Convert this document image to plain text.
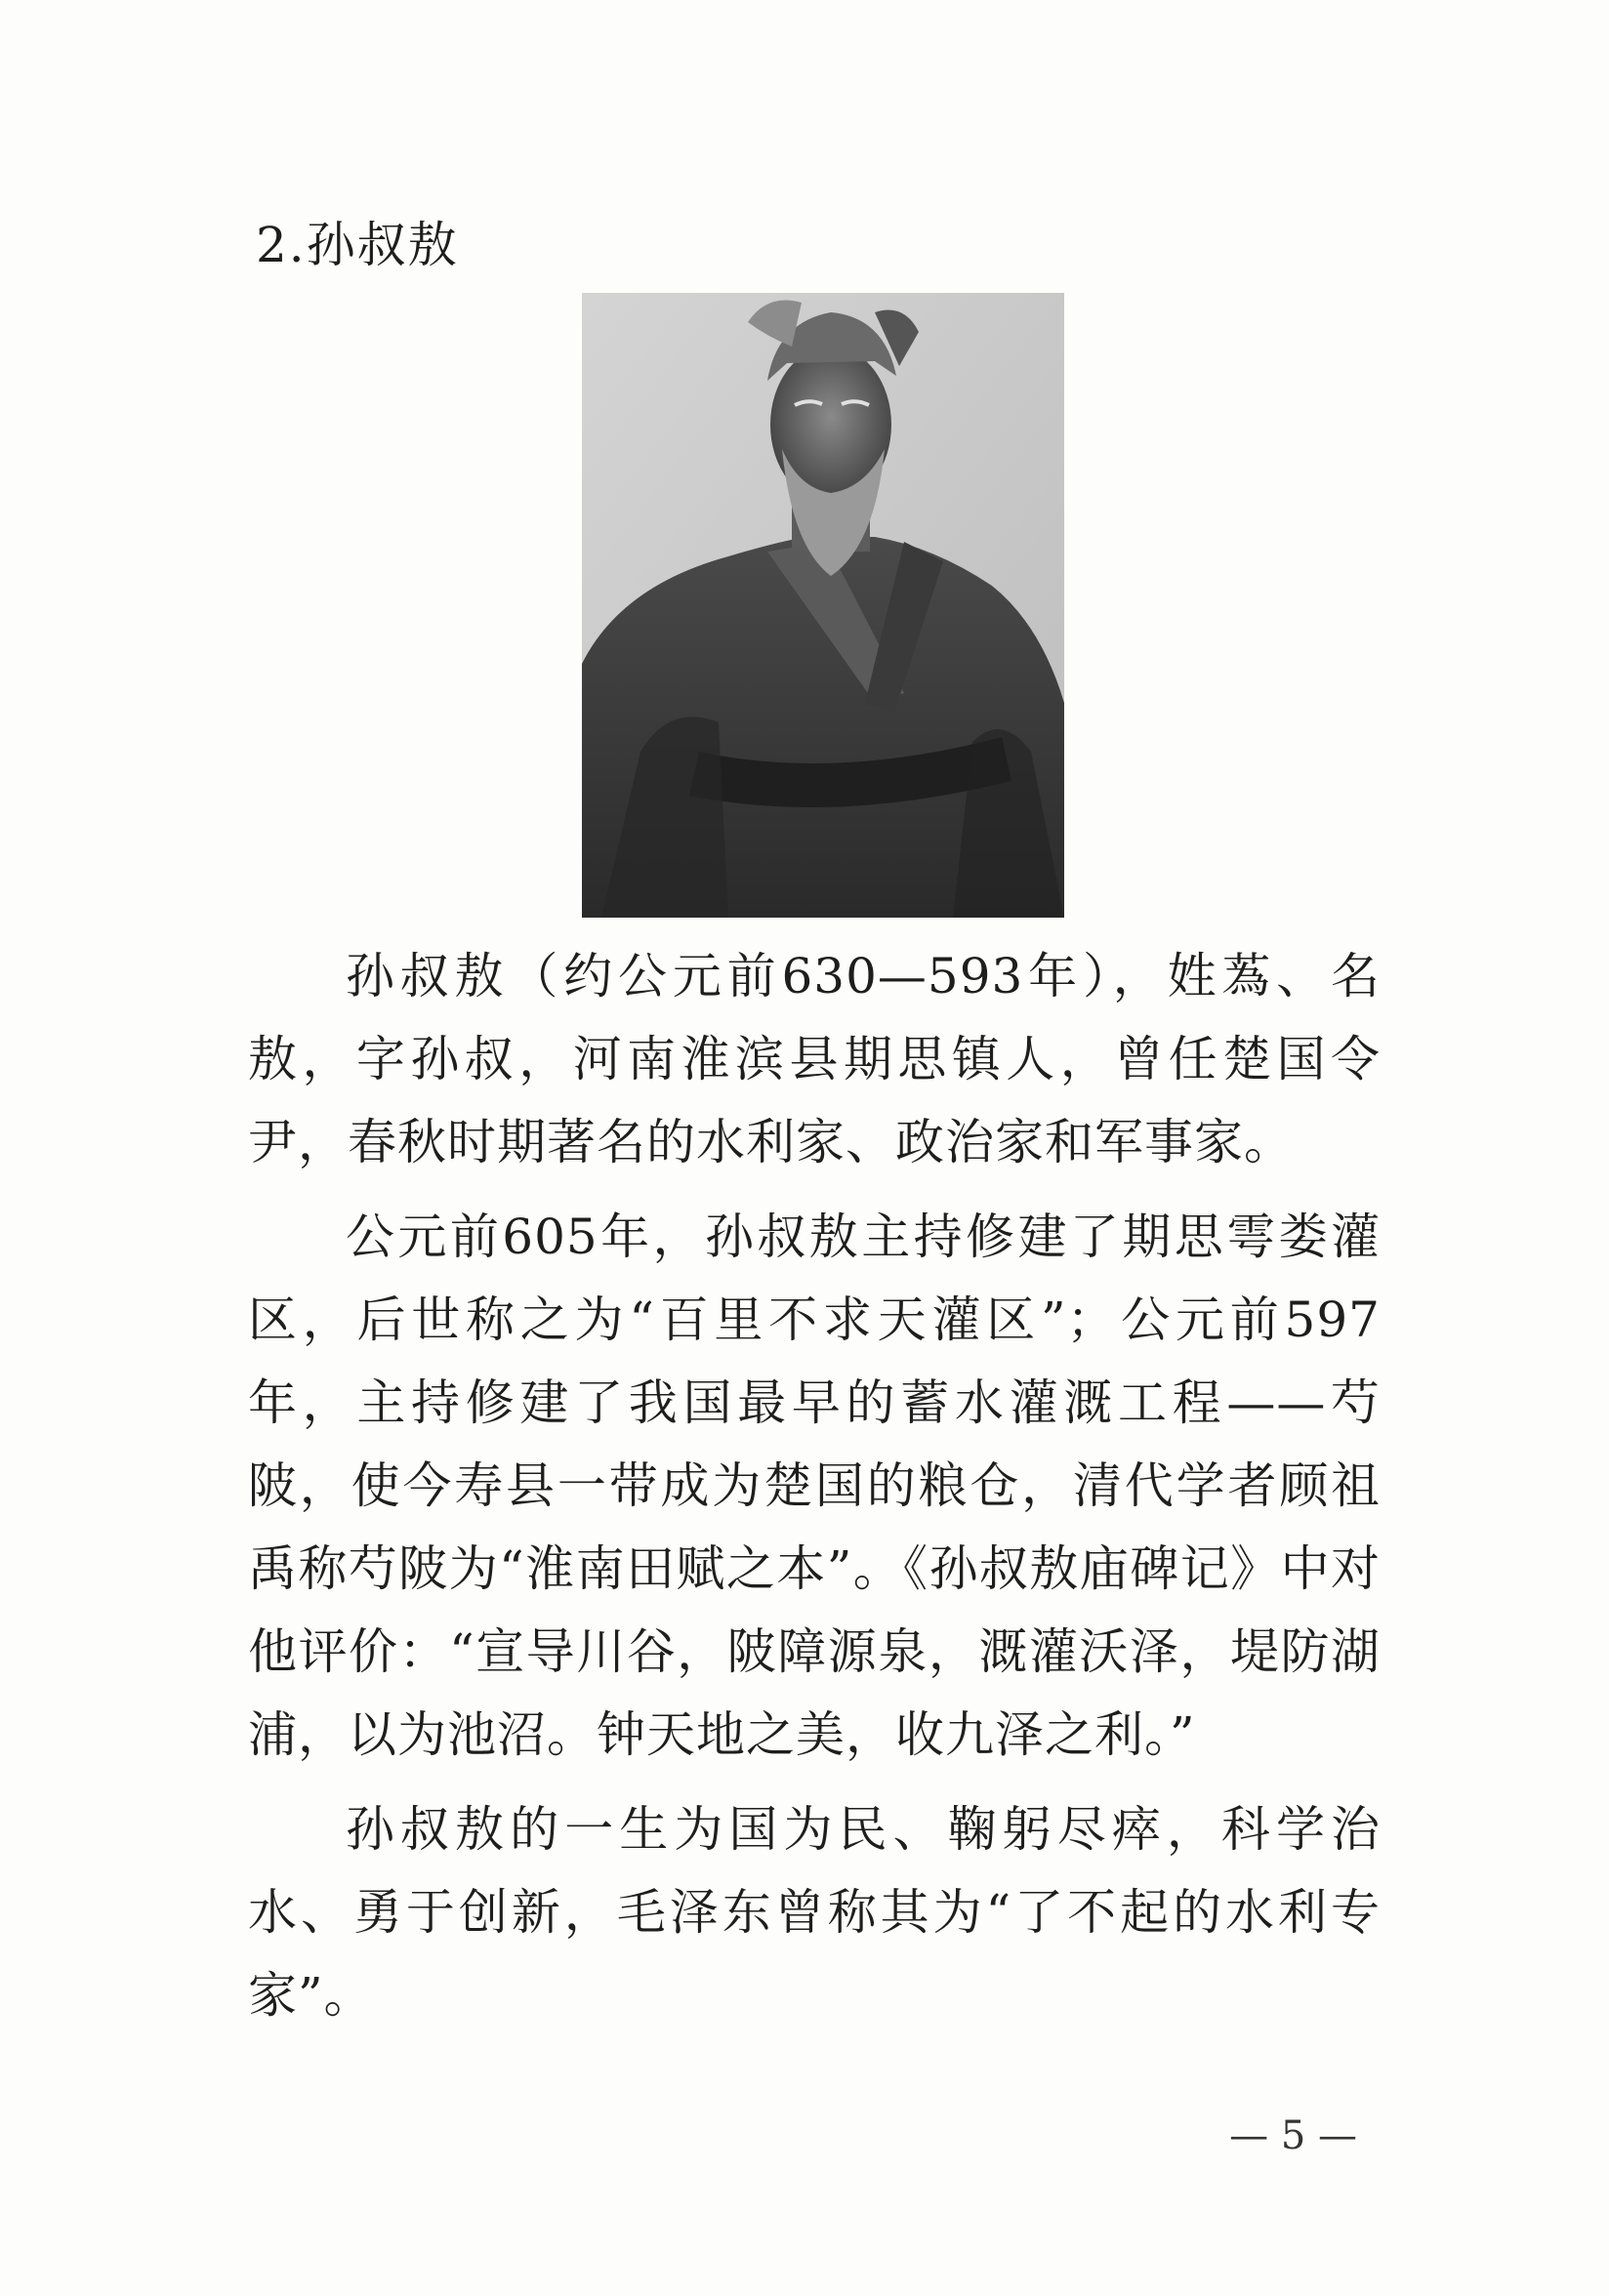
2.孙叔敖

孙叔敖（约公元前630—593年），姓蒍、名敖，字孙叔，河南淮滨县期思镇人，曾任楚国令尹，春秋时期著名的水利家、政治家和军事家。

公元前605年，孙叔敖主持修建了期思雩娄灌区，后世称之为“百里不求天灌区”；公元前597年，主持修建了我国最早的蓄水灌溉工程——芍陂，使今寿县一带成为楚国的粮仓，清代学者顾祖禹称芍陂为“淮南田赋之本”。《孙叔敖庙碑记》中对他评价：“宣导川谷，陂障源泉，溉灌沃泽，堤防湖浦，以为池沼。钟天地之美，收九泽之利。”

孙叔敖的一生为国为民、鞠躬尽瘁，科学治水、勇于创新，毛泽东曾称其为“了不起的水利专家”。

— 5 —
